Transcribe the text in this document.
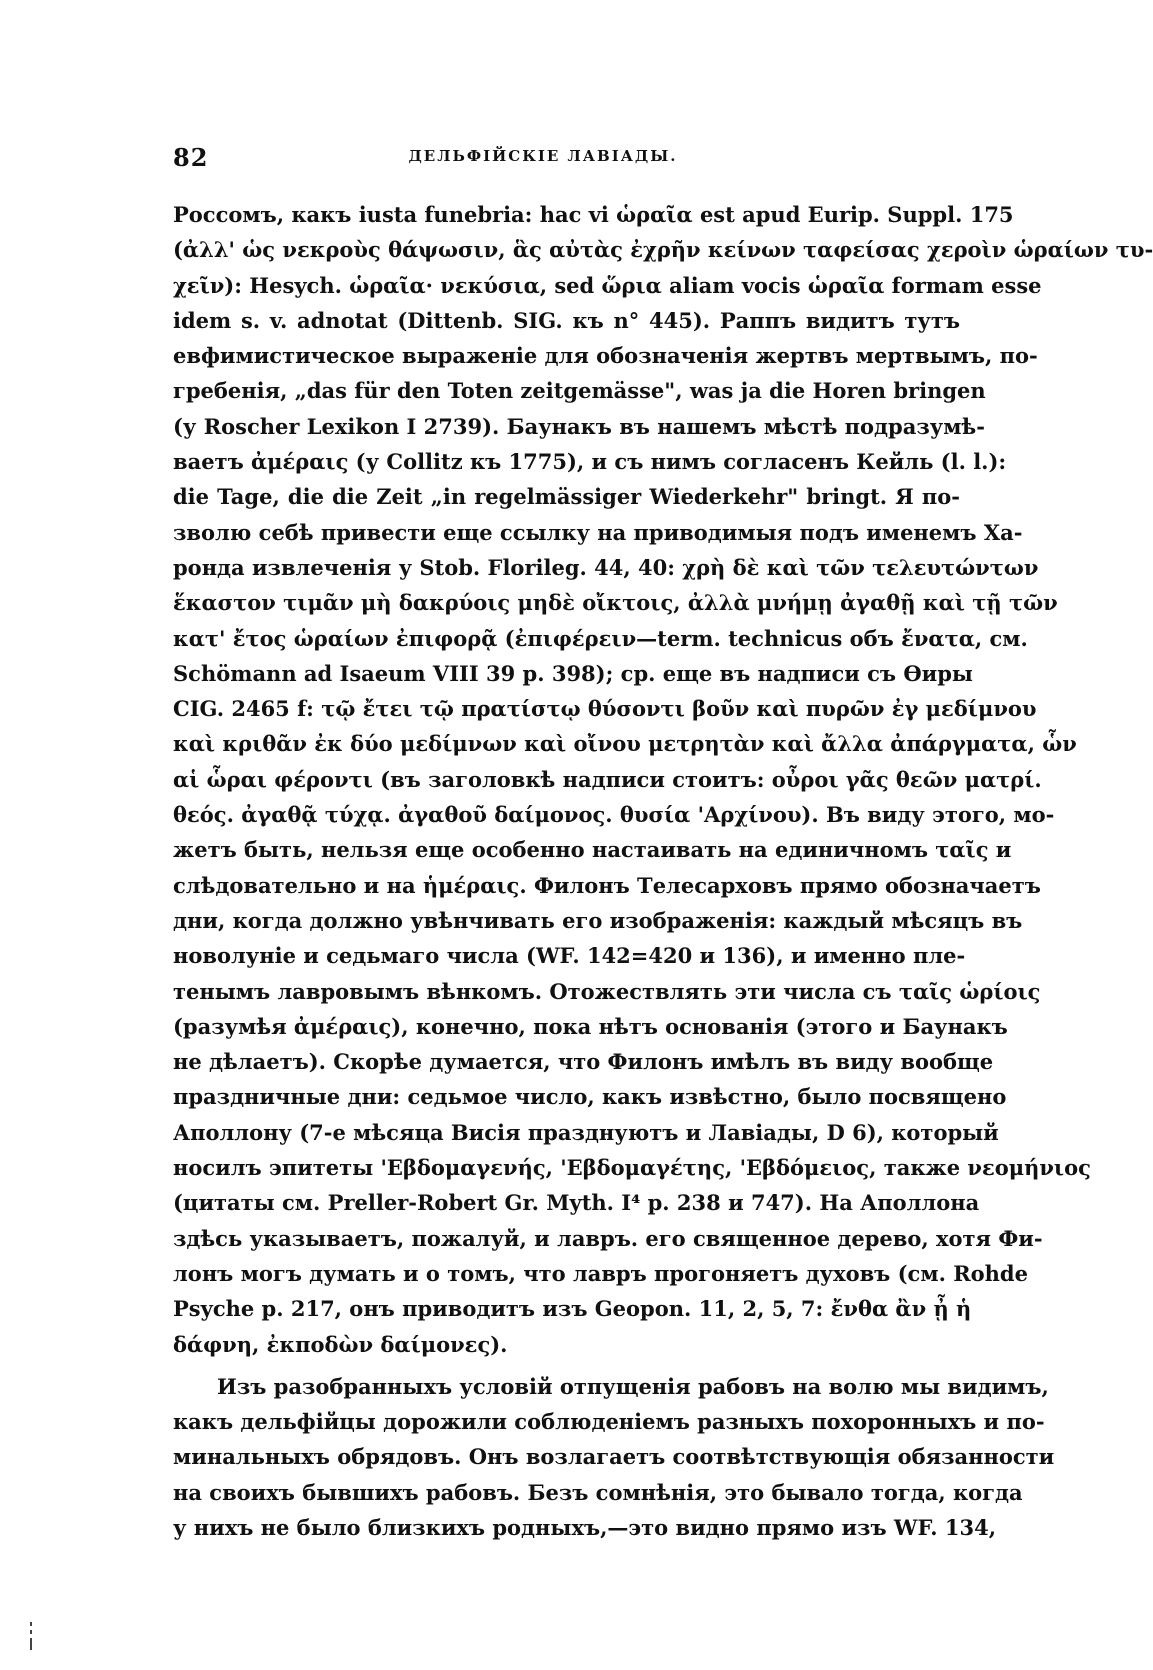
82	ДЕЛЬФІЙСКІЕ ЛАВІАДЫ.
Россомъ, какъ iusta funebria: hac vi ὡραῖα est apud Eurip. Suppl. 175
(ἀλλ' ὡς νεκροὺς θάψωσιν, ἃς αὐτὰς ἐχρῆν κείνων ταφείσας χεροὶν ὡραίων τυ-
χεῖν): Hesych. ὡραῖα· νεκύσια, sed ὥρια aliam vocis ὡραῖα formam esse
idem s. v. adnotat (Dittenb. SIG. къ n° 445). Раппъ видитъ тутъ
евфимистическое выраженіе для обозначенія жертвъ мертвымъ, по-
гребенія, „das für den Toten zeitgemässe", was ja die Horen bringen
(у Roscher Lexikon I 2739). Баунакъ въ нашемъ мѣстѣ подразумѣ-
ваетъ ἀμέραις (у Collitz къ 1775), и съ нимъ согласенъ Кейль (l. l.):
die Tage, die die Zeit „in regelmässiger Wiederkehr" bringt. Я по-
зволю себѣ привести еще ссылку на приводимыя подъ именемъ Ха-
ронда извлеченія у Stob. Florileg. 44, 40: χρὴ δὲ καὶ τῶν τελευτώντων
ἕκαστον τιμᾶν μὴ δακρύοις μηδὲ οἴκτοις, ἀλλὰ μνήμῃ ἀγαθῇ καὶ τῇ τῶν
κατ' ἔτος ὡραίων ἐπιφορᾷ (ἐπιφέρειν—term. technicus объ ἔνατα, см.
Schömann ad Isaeum VIII 39 p. 398); ср. еще въ надписи съ Өиры
CIG. 2465 f: τῷ ἔτει τῷ πρατίστῳ θύσοντι βοῦν καὶ πυρῶν ἐγ μεδίμνου
καὶ κριθᾶν ἐκ δύο μεδίμνων καὶ οἴνου μετρητὰν καὶ ἄλλα ἀπάργματα, ὧν
αἱ ὧραι φέροντι (въ заголовкѣ надписи стоитъ: οὖροι γᾶς θεῶν ματρί.
θεός. ἀγαθᾷ τύχᾳ. ἀγαθοῦ δαίμονος. θυσία 'Αρχίνου). Въ виду этого, мо-
жетъ быть, нельзя еще особенно настаивать на единичномъ ταῖς и
слѣдовательно и на ἡμέραις. Филонъ Телесарховъ прямо обозначаетъ
дни, когда должно увѣнчивать его изображенія: каждый мѣсяцъ въ
новолуніе и седьмаго числа (WF. 142=420 и 136), и именно пле-
тенымъ лавровымъ вѣнкомъ. Отожествлять эти числа съ ταῖς ὡρίοις
(разумѣя ἀμέραις), конечно, пока нѣтъ основанія (этого и Баунакъ
не дѣлаетъ). Скорѣе думается, что Филонъ имѣлъ въ виду вообще
праздничные дни: седьмое число, какъ извѣстно, было посвящено
Аполлону (7-е мѣсяца Висія празднуютъ и Лавіады, D 6), который
носилъ эпитеты 'Εβδομαγενής, 'Εβδομαγέτης, 'Εβδόμειος, также νεομήνιος
(цитаты см. Preller-Robert Gr. Myth. I⁴ p. 238 и 747). На Аполлона
здѣсь указываетъ, пожалуй, и лавръ. его священное дерево, хотя Фи-
лонъ могъ думать и о томъ, что лавръ прогоняетъ духовъ (см. Rohde
Psyche p. 217, онъ приводитъ изъ Geopon. 11, 2, 5, 7: ἔνθα ἂν ᾖ ἡ
δάφνη, ἐκποδὼν δαίμονες).
Изъ разобранныхъ условій отпущенія рабовъ на волю мы видимъ,
какъ дельфійцы дорожили соблюденіемъ разныхъ похоронныхъ и по-
минальныхъ обрядовъ. Онъ возлагаетъ соотвѣтствующія обязанности
на своихъ бывшихъ рабовъ. Безъ сомнѣнія, это бывало тогда, когда
у нихъ не было близкихъ родныхъ,—это видно прямо изъ WF. 134,
